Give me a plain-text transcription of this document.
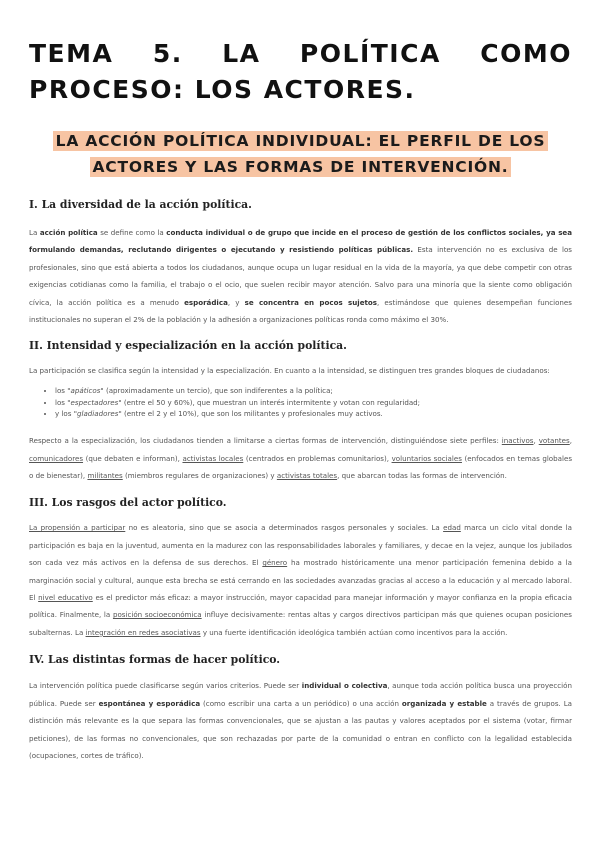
TEMA 5. LA POLÍTICA COMO PROCESO: LOS ACTORES.
LA ACCIÓN POLÍTICA INDIVIDUAL: EL PERFIL DE LOS ACTORES Y LAS FORMAS DE INTERVENCIÓN.
I. La diversidad de la acción política.

La acción política se define como la conducta individual o de grupo que incide en el proceso de gestión de los conflictos sociales, ya sea formulando demandas, reclutando dirigentes o ejecutando y resistiendo políticas públicas. Esta intervención no es exclusiva de los profesionales, sino que está abierta a todos los ciudadanos, aunque ocupa un lugar residual en la vida de la mayoría, ya que debe competir con otras exigencias cotidianas como la familia, el trabajo o el ocio, que suelen recibir mayor atención. Salvo para una minoría que la siente como obligación cívica, la acción política es a menudo esporádica, y se concentra en pocos sujetos, estimándose que quienes desempeñan funciones institucionales no superan el 2% de la población y la adhesión a organizaciones políticas ronda como máximo el 30%.

II. Intensidad y especialización en la acción política.

La participación se clasifica según la intensidad y la especialización. En cuanto a la intensidad, se distinguen tres grandes bloques de ciudadanos:

• los "apáticos" (aproximadamente un tercio), que son indiferentes a la política;
• los "espectadores" (entre el 50 y 60%), que muestran un interés intermitente y votan con regularidad;
• y los "gladiadores" (entre el 2 y el 10%), que son los militantes y profesionales muy activos.

Respecto a la especialización, los ciudadanos tienden a limitarse a ciertas formas de intervención, distinguiéndose siete perfiles: inactivos, votantes, comunicadores (que debaten e informan), activistas locales (centrados en problemas comunitarios), voluntarios sociales (enfocados en temas globales o de bienestar), militantes (miembros regulares de organizaciones) y activistas totales, que abarcan todas las formas de intervención.

III. Los rasgos del actor político.

La propensión a participar no es aleatoria, sino que se asocia a determinados rasgos personales y sociales. La edad marca un ciclo vital donde la participación es baja en la juventud, aumenta en la madurez con las responsabilidades laborales y familiares, y decae en la vejez, aunque los jubilados son cada vez más activos en la defensa de sus derechos. El género ha mostrado históricamente una menor participación femenina debido a la marginación social y cultural, aunque esta brecha se está cerrando en las sociedades avanzadas gracias al acceso a la educación y al mercado laboral. El nivel educativo es el predictor más eficaz: a mayor instrucción, mayor capacidad para manejar información y mayor confianza en la propia eficacia política. Finalmente, la posición socioeconómica influye decisivamente: rentas altas y cargos directivos participan más que quienes ocupan posiciones subalternas. La integración en redes asociativas y una fuerte identificación ideológica también actúan como incentivos para la acción.

IV. Las distintas formas de hacer político.

La intervención política puede clasificarse según varios criterios. Puede ser individual o colectiva, aunque toda acción política busca una proyección pública. Puede ser espontánea y esporádica (como escribir una carta a un periódico) o una acción organizada y estable a través de grupos. La distinción más relevante es la que separa las formas convencionales, que se ajustan a las pautas y valores aceptados por el sistema (votar, firmar peticiones), de las formas no convencionales, que son rechazadas por parte de la comunidad o entran en conflicto con la legalidad establecida (ocupaciones, cortes de tráfico).
